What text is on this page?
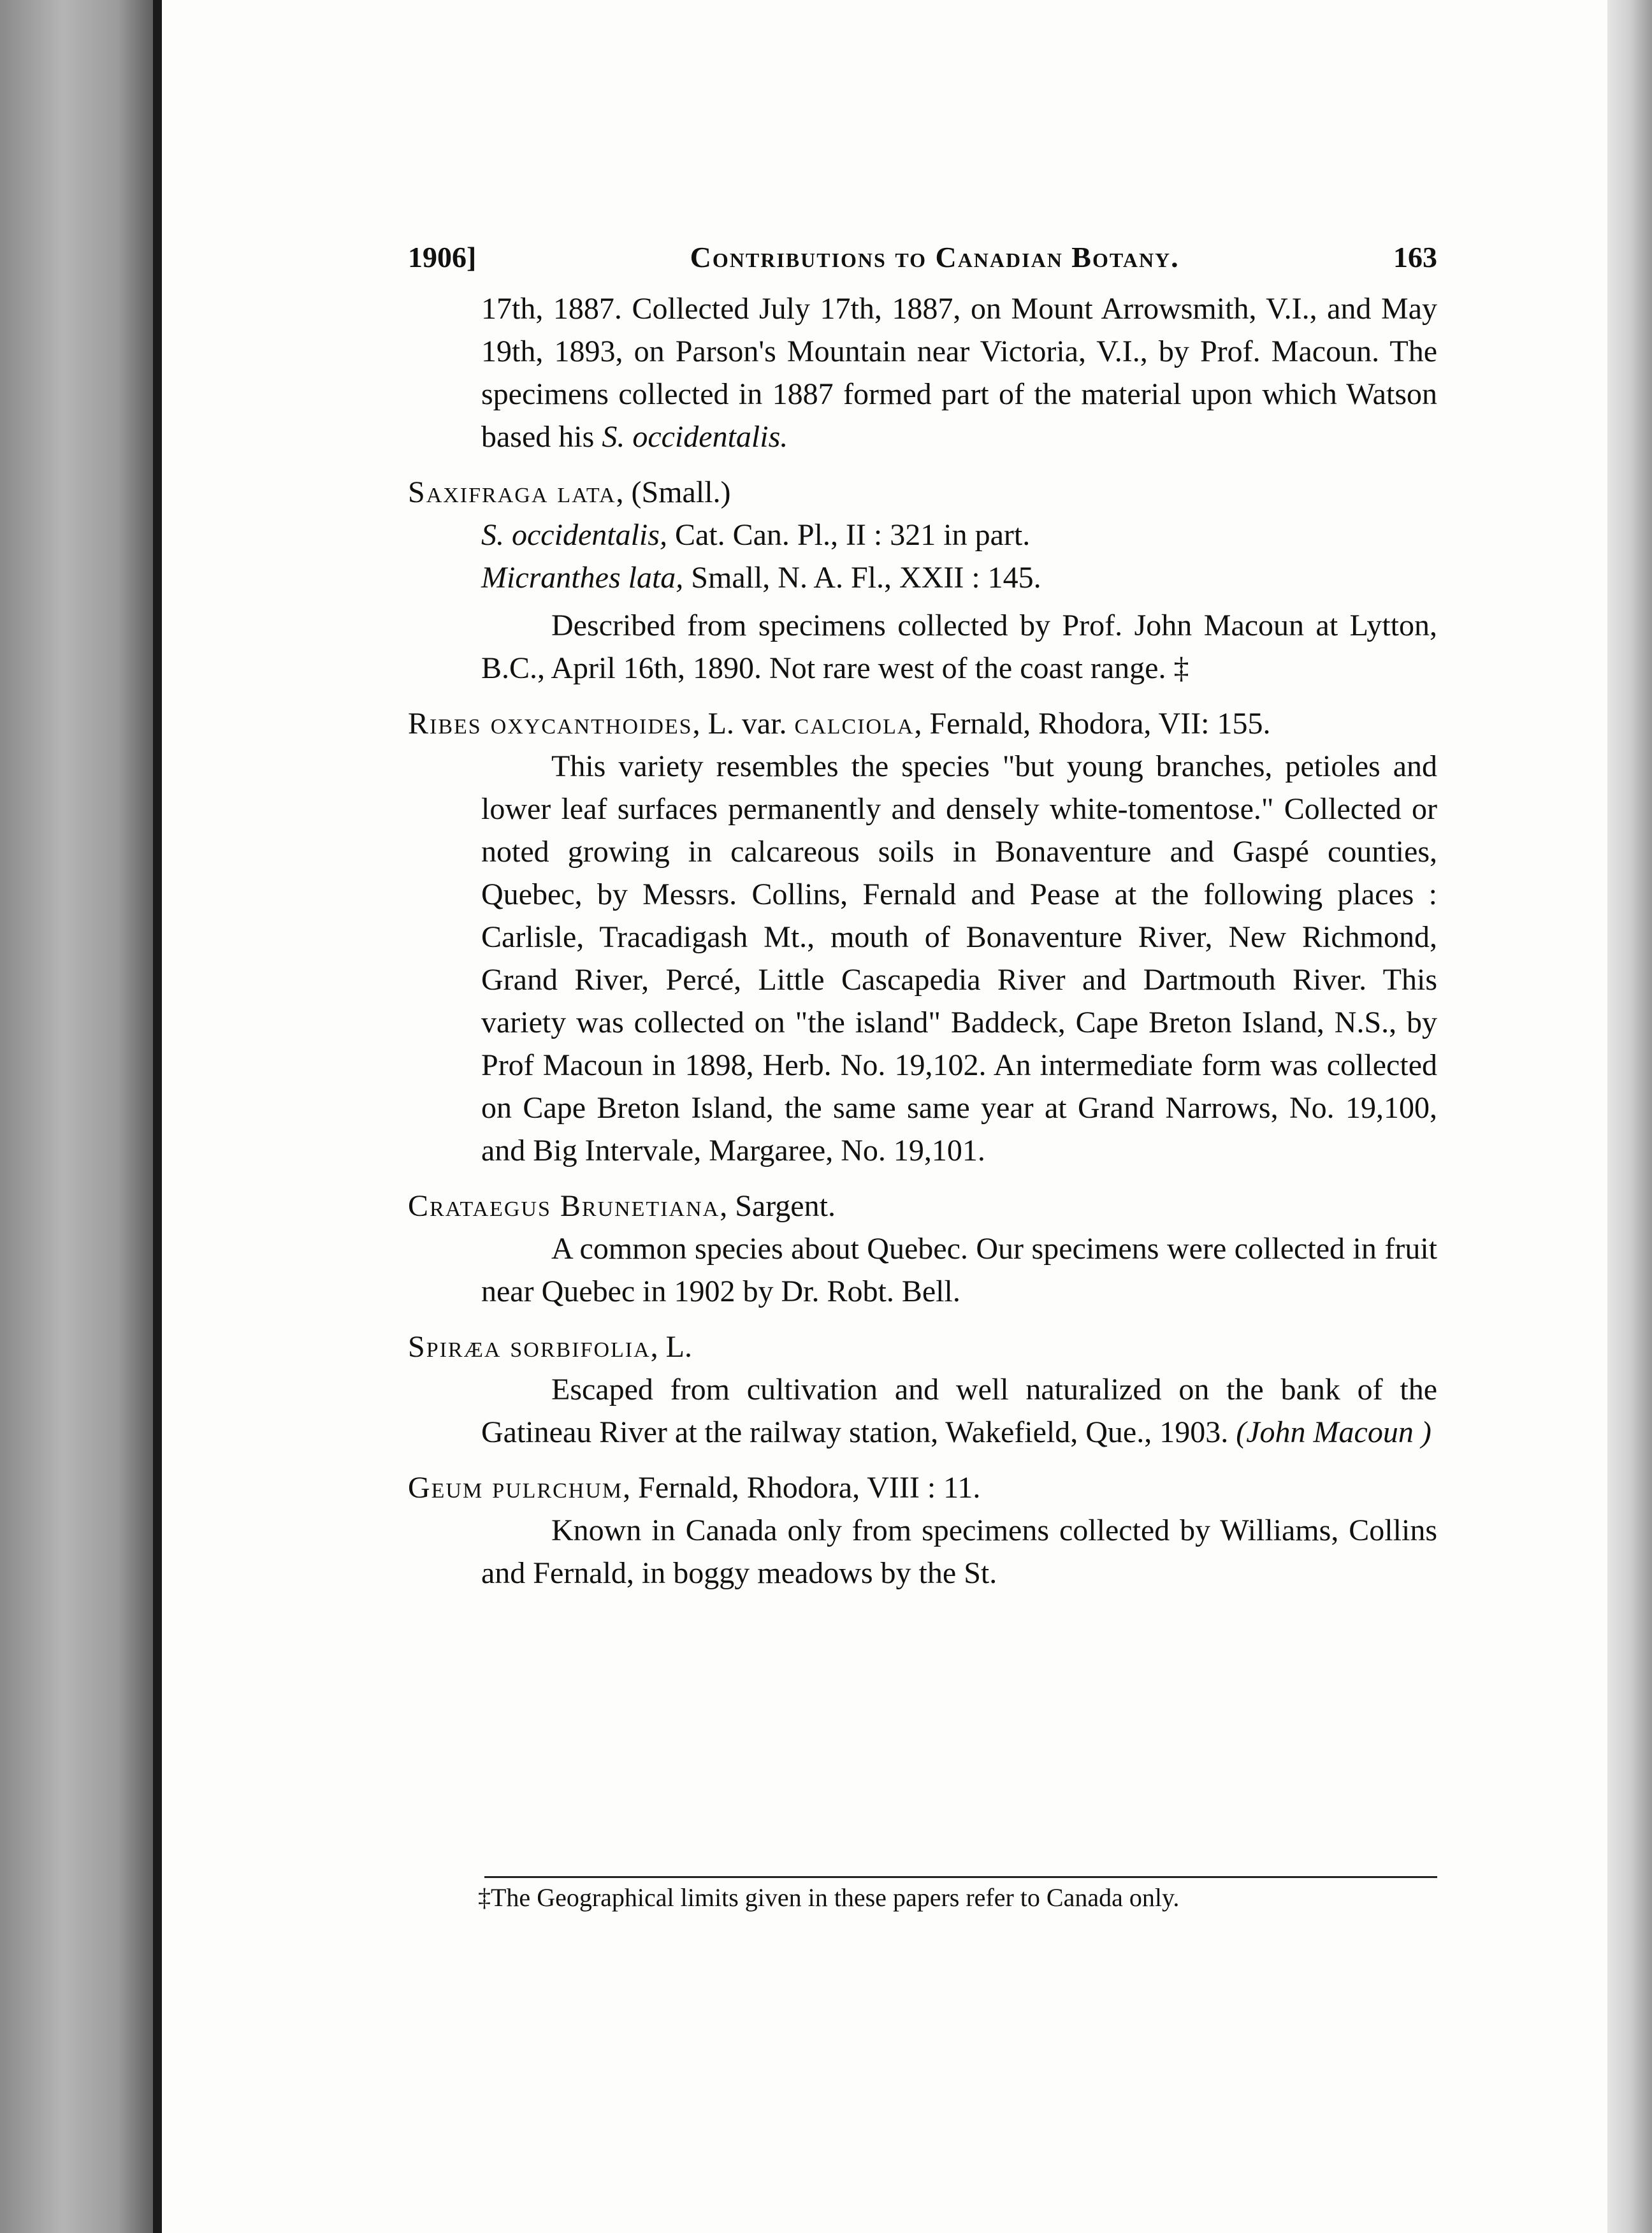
1906]	Contributions to Canadian Botany.	163

17th, 1887. Collected July 17th, 1887, on Mount Arrowsmith, V.I., and May 19th, 1893, on Parson's Mountain near Victoria, V.I., by Prof. Macoun. The specimens collected in 1887 formed part of the material upon which Watson based his S. occidentalis.

Saxifraga lata, (Small.)
S. occidentalis, Cat. Can. Pl., II : 321 in part.
Micranthes lata, Small, N. A. Fl., XXII : 145.

Described from specimens collected by Prof. John Macoun at Lytton, B.C., April 16th, 1890. Not rare west of the coast range. ‡

Ribes oxycanthoides, L. var. calciola, Fernald, Rhodora, VII: 155.

This variety resembles the species "but young branches, petioles and lower leaf surfaces permanently and densely white-tomentose." Collected or noted growing in calcareous soils in Bonaventure and Gaspé counties, Quebec, by Messrs. Collins, Fernald and Pease at the following places : Carlisle, Tracadigash Mt., mouth of Bonaventure River, New Richmond, Grand River, Percé, Little Cascapedia River and Dartmouth River. This variety was collected on "the island" Baddeck, Cape Breton Island, N.S., by Prof Macoun in 1898, Herb. No. 19,102. An intermediate form was collected on Cape Breton Island, the same same year at Grand Narrows, No. 19,100, and Big Intervale, Margaree, No. 19,101.

Crataegus Brunetiana, Sargent.

A common species about Quebec. Our specimens were collected in fruit near Quebec in 1902 by Dr. Robt. Bell.

Spiræa sorbifolia, L.

Escaped from cultivation and well naturalized on the bank of the Gatineau River at the railway station, Wakefield, Que., 1903. (John Macoun )

Geum pulrchum, Fernald, Rhodora, VIII : 11.

Known in Canada only from specimens collected by Williams, Collins and Fernald, in boggy meadows by the St.

‡The Geographical limits given in these papers refer to Canada only.
